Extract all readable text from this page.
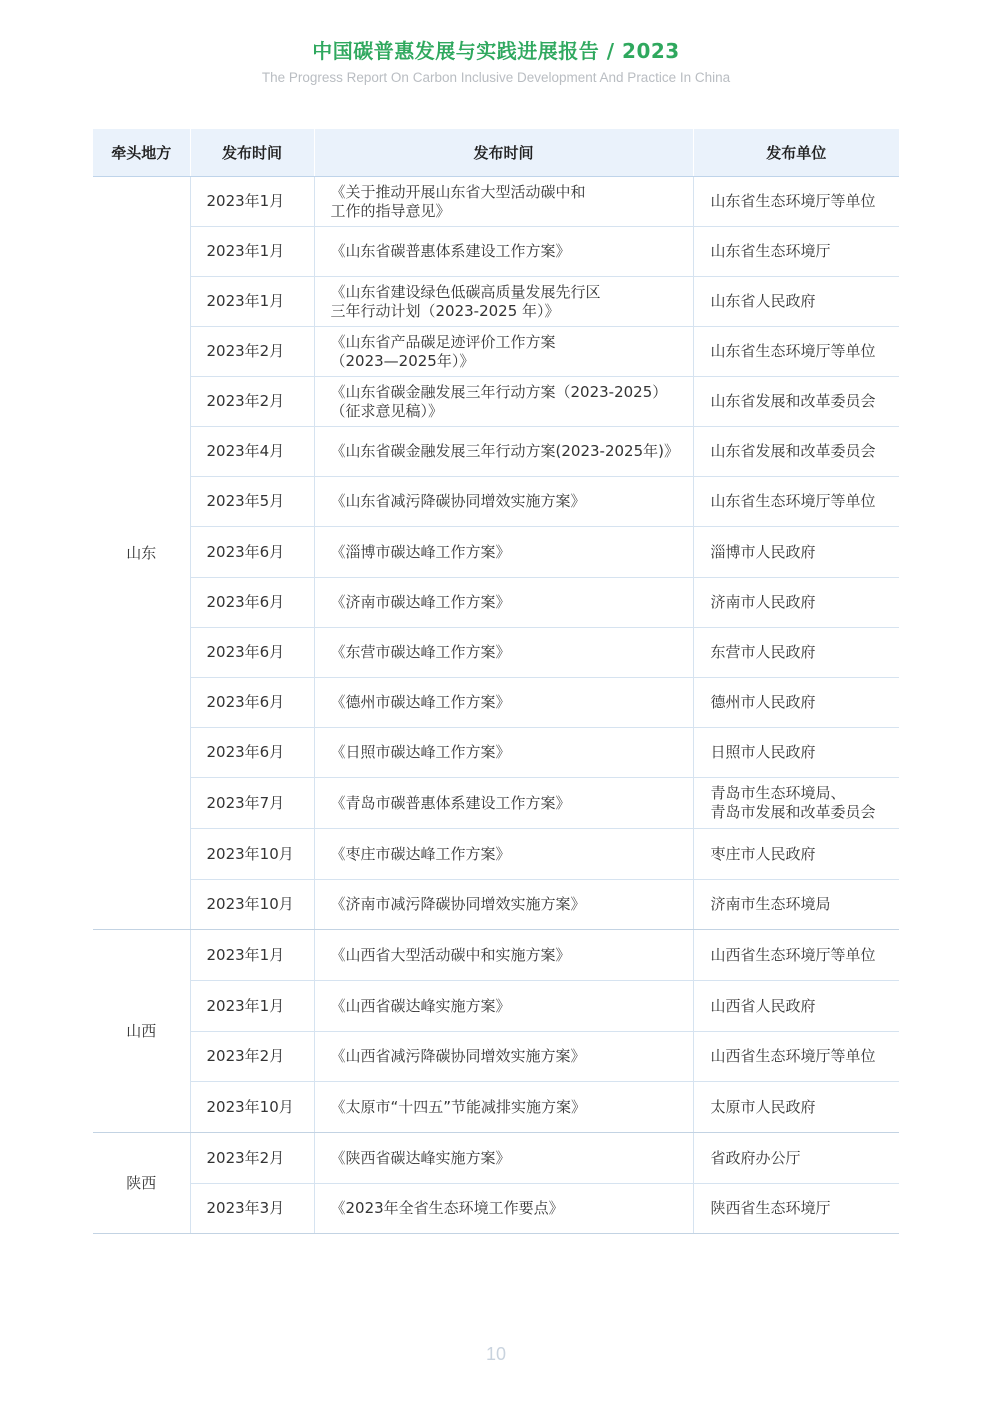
中国碳普惠发展与实践进展报告 / 2023
The Progress Report On Carbon Inclusive Development And Practice In China
牵头地方	发布时间	发布时间	发布单位
山东	2023年1月	《关于推动开展山东省大型活动碳中和
工作的指导意见》	山东省生态环境厅等单位

	2023年1月	《山东省碳普惠体系建设工作方案》	山东省生态环境厅

	2023年1月	《山东省建设绿色低碳高质量发展先行区
三年行动计划（2023-2025 年）》	山东省人民政府

	2023年2月	《山东省产品碳足迹评价工作方案
（2023—2025年）》	山东省生态环境厅等单位

	2023年2月	《山东省碳金融发展三年行动方案（2023-2025）
（征求意见稿）》	山东省发展和改革委员会

	2023年4月	《山东省碳金融发展三年行动方案(2023-2025年)》	山东省发展和改革委员会

	2023年5月	《山东省减污降碳协同增效实施方案》	山东省生态环境厅等单位

	2023年6月	《淄博市碳达峰工作方案》	淄博市人民政府

	2023年6月	《济南市碳达峰工作方案》	济南市人民政府

	2023年6月	《东营市碳达峰工作方案》	东营市人民政府

	2023年6月	《德州市碳达峰工作方案》	德州市人民政府

	2023年6月	《日照市碳达峰工作方案》	日照市人民政府

	2023年7月	《青岛市碳普惠体系建设工作方案》	青岛市生态环境局、
青岛市发展和改革委员会

	2023年10月	《枣庄市碳达峰工作方案》	枣庄市人民政府

	2023年10月	《济南市减污降碳协同增效实施方案》	济南市生态环境局

山西	2023年1月	《山西省大型活动碳中和实施方案》	山西省生态环境厅等单位

	2023年1月	《山西省碳达峰实施方案》	山西省人民政府

	2023年2月	《山西省减污降碳协同增效实施方案》	山西省生态环境厅等单位

	2023年10月	《太原市“十四五”节能减排实施方案》	太原市人民政府

陕西	2023年2月	《陕西省碳达峰实施方案》	省政府办公厅

	2023年3月	《2023年全省生态环境工作要点》	陕西省生态环境厅
10
